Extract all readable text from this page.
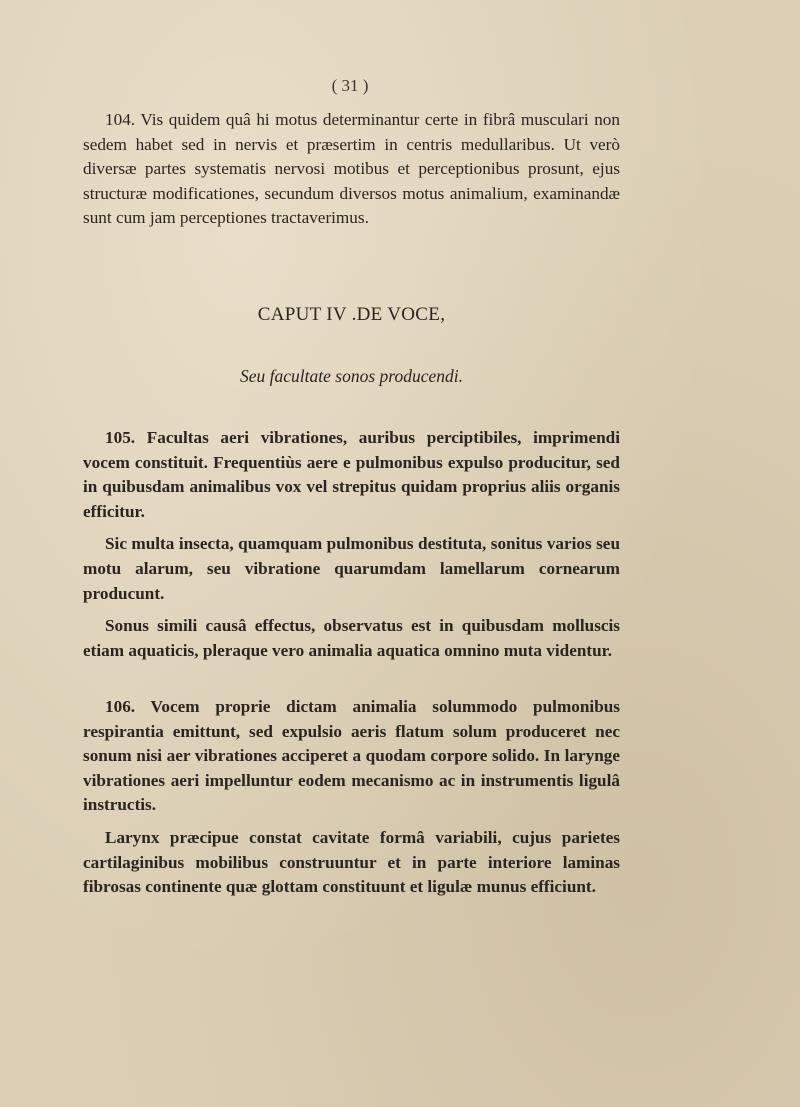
( 31 )

104. Vis quidem quâ hi motus determinantur certe in fibrâ musculari non sedem habet sed in nervis et præsertim in centris medullaribus. Ut verò diversæ partes systematis nervosi motibus et perceptionibus prosunt, ejus structuræ modificationes, secundum diversos motus animalium, examinandæ sunt cum jam perceptiones tractaverimus.

CAPUT IV .DE VOCE,
Seu facultate sonos producendi.

105. Facultas aeri vibrationes, auribus perciptibiles, imprimendi vocem constituit. Frequentiùs aere e pulmonibus expulso producitur, sed in quibusdam animalibus vox vel strepitus quidam proprius aliis organis efficitur.

Sic multa insecta, quamquam pulmonibus destituta, sonitus varios seu motu alarum, seu vibratione quarumdam lamellarum cornearum producunt.

Sonus simili causâ effectus, observatus est in quibusdam molluscis etiam aquaticis, pleraque vero animalia aquatica omnino muta videntur.

106. Vocem proprie dictam animalia solummodo pulmonibus respirantia emittunt, sed expulsio aeris flatum solum produceret nec sonum nisi aer vibrationes acciperet a quodam corpore solido. In larynge vibrationes aeri impelluntur eodem mecanismo ac in instrumentis ligulâ instructis.

Larynx præcipue constat cavitate formâ variabili, cujus parietes cartilaginibus mobilibus construuntur et in parte interiore laminas fibrosas continente quæ glottam constituunt et ligulæ munus efficiunt.
